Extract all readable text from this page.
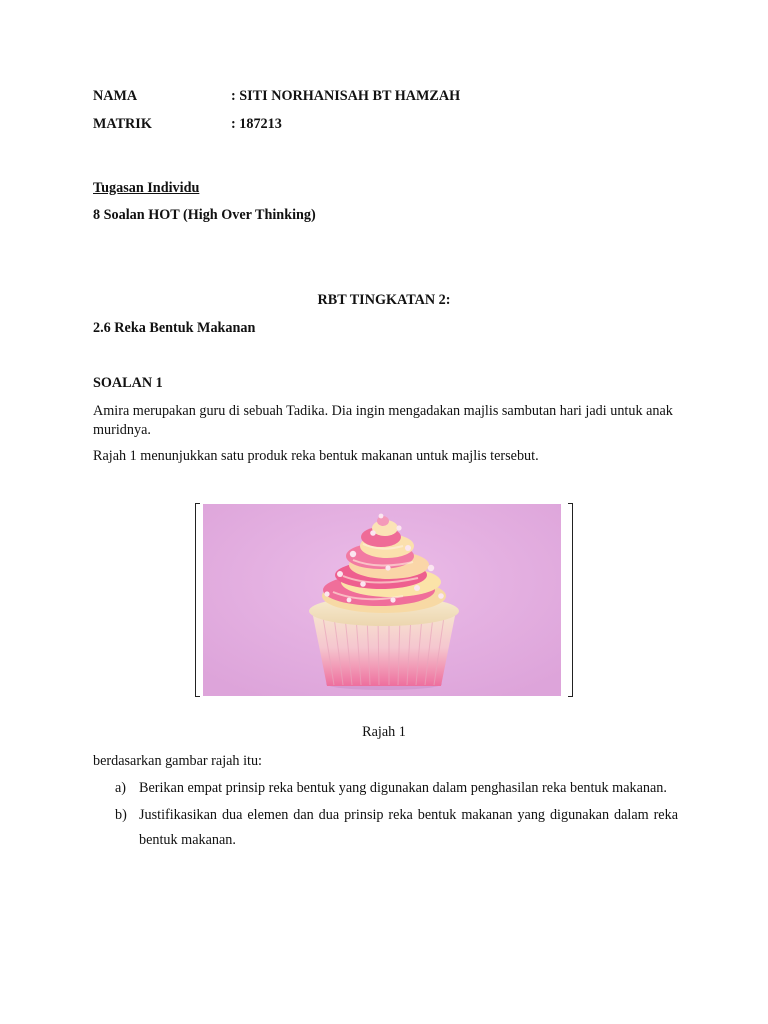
NAMA	: SITI NORHANISAH BT HAMZAH
MATRIK	: 187213
Tugasan Individu
8 Soalan HOT (High Over Thinking)
RBT TINGKATAN 2:
2.6 Reka Bentuk Makanan
SOALAN 1
Amira merupakan guru di sebuah Tadika. Dia ingin mengadakan majlis sambutan hari jadi untuk anak muridnya.
Rajah 1 menunjukkan satu produk reka bentuk makanan untuk majlis tersebut.
Rajah 1
berdasarkan gambar rajah itu:
a) Berikan empat prinsip reka bentuk yang digunakan dalam penghasilan reka bentuk makanan.
b) Justifikasikan dua elemen dan dua prinsip reka bentuk makanan yang digunakan dalam reka bentuk makanan.
